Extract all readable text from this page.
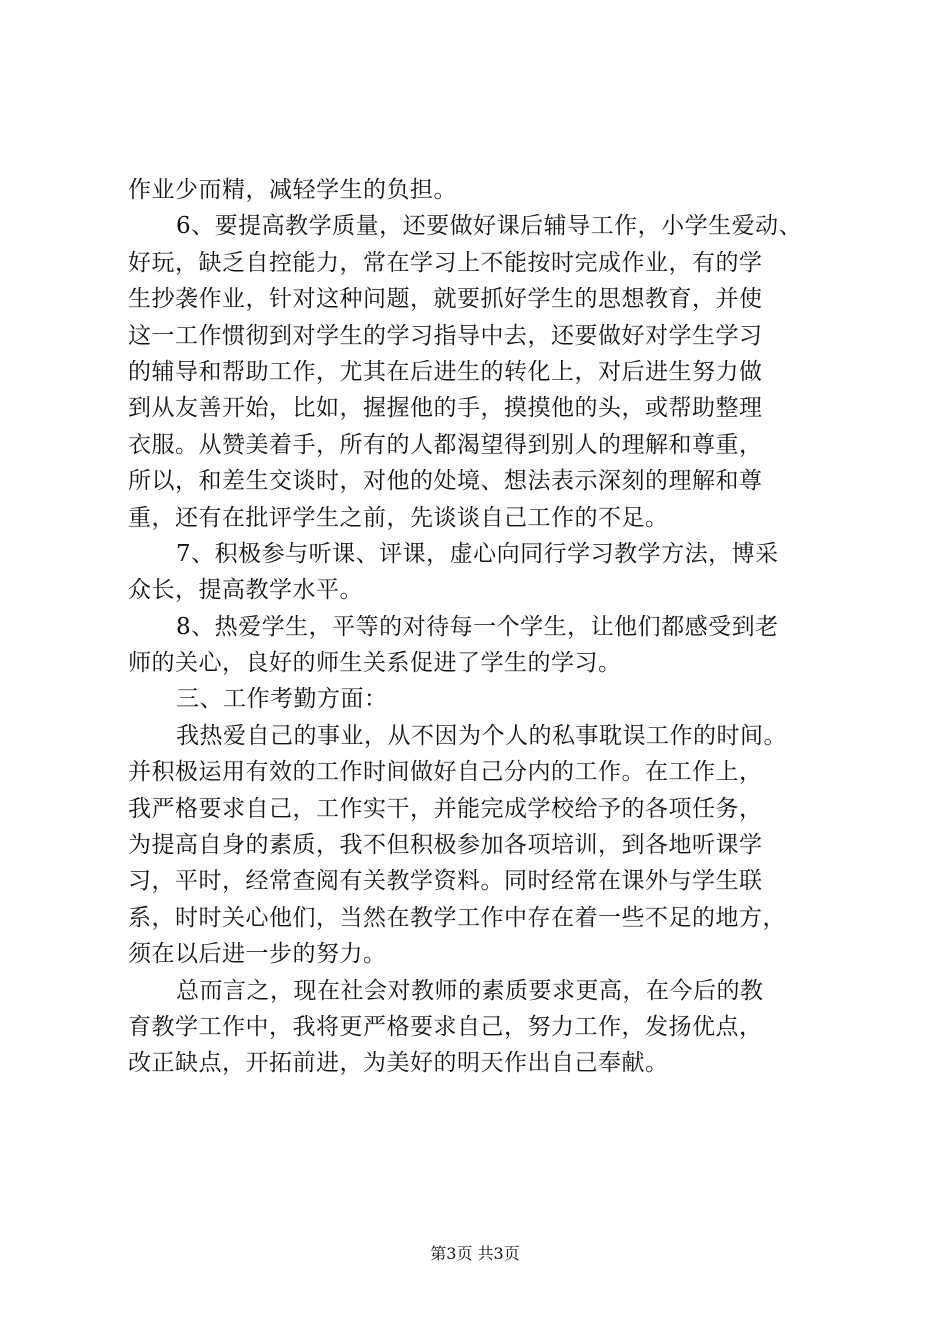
作业少而精，减轻学生的负担。
6、要提高教学质量，还要做好课后辅导工作，小学生爱动、
好玩，缺乏自控能力，常在学习上不能按时完成作业，有的学
生抄袭作业，针对这种问题，就要抓好学生的思想教育，并使
这一工作惯彻到对学生的学习指导中去，还要做好对学生学习
的辅导和帮助工作，尤其在后进生的转化上，对后进生努力做
到从友善开始，比如，握握他的手，摸摸他的头，或帮助整理
衣服。从赞美着手，所有的人都渴望得到别人的理解和尊重，
所以，和差生交谈时，对他的处境、想法表示深刻的理解和尊
重，还有在批评学生之前，先谈谈自己工作的不足。
7、积极参与听课、评课，虚心向同行学习教学方法，博采
众长，提高教学水平。
8、热爱学生，平等的对待每一个学生，让他们都感受到老
师的关心，良好的师生关系促进了学生的学习。
三、工作考勤方面：
我热爱自己的事业，从不因为个人的私事耽误工作的时间。
并积极运用有效的工作时间做好自己分内的工作。在工作上，
我严格要求自己，工作实干，并能完成学校给予的各项任务，
为提高自身的素质，我不但积极参加各项培训，到各地听课学
习，平时，经常查阅有关教学资料。同时经常在课外与学生联
系，时时关心他们，当然在教学工作中存在着一些不足的地方，
须在以后进一步的努力。
总而言之，现在社会对教师的素质要求更高，在今后的教
育教学工作中，我将更严格要求自己，努力工作，发扬优点，
改正缺点，开拓前进，为美好的明天作出自己奉献。
第3页 共3页
